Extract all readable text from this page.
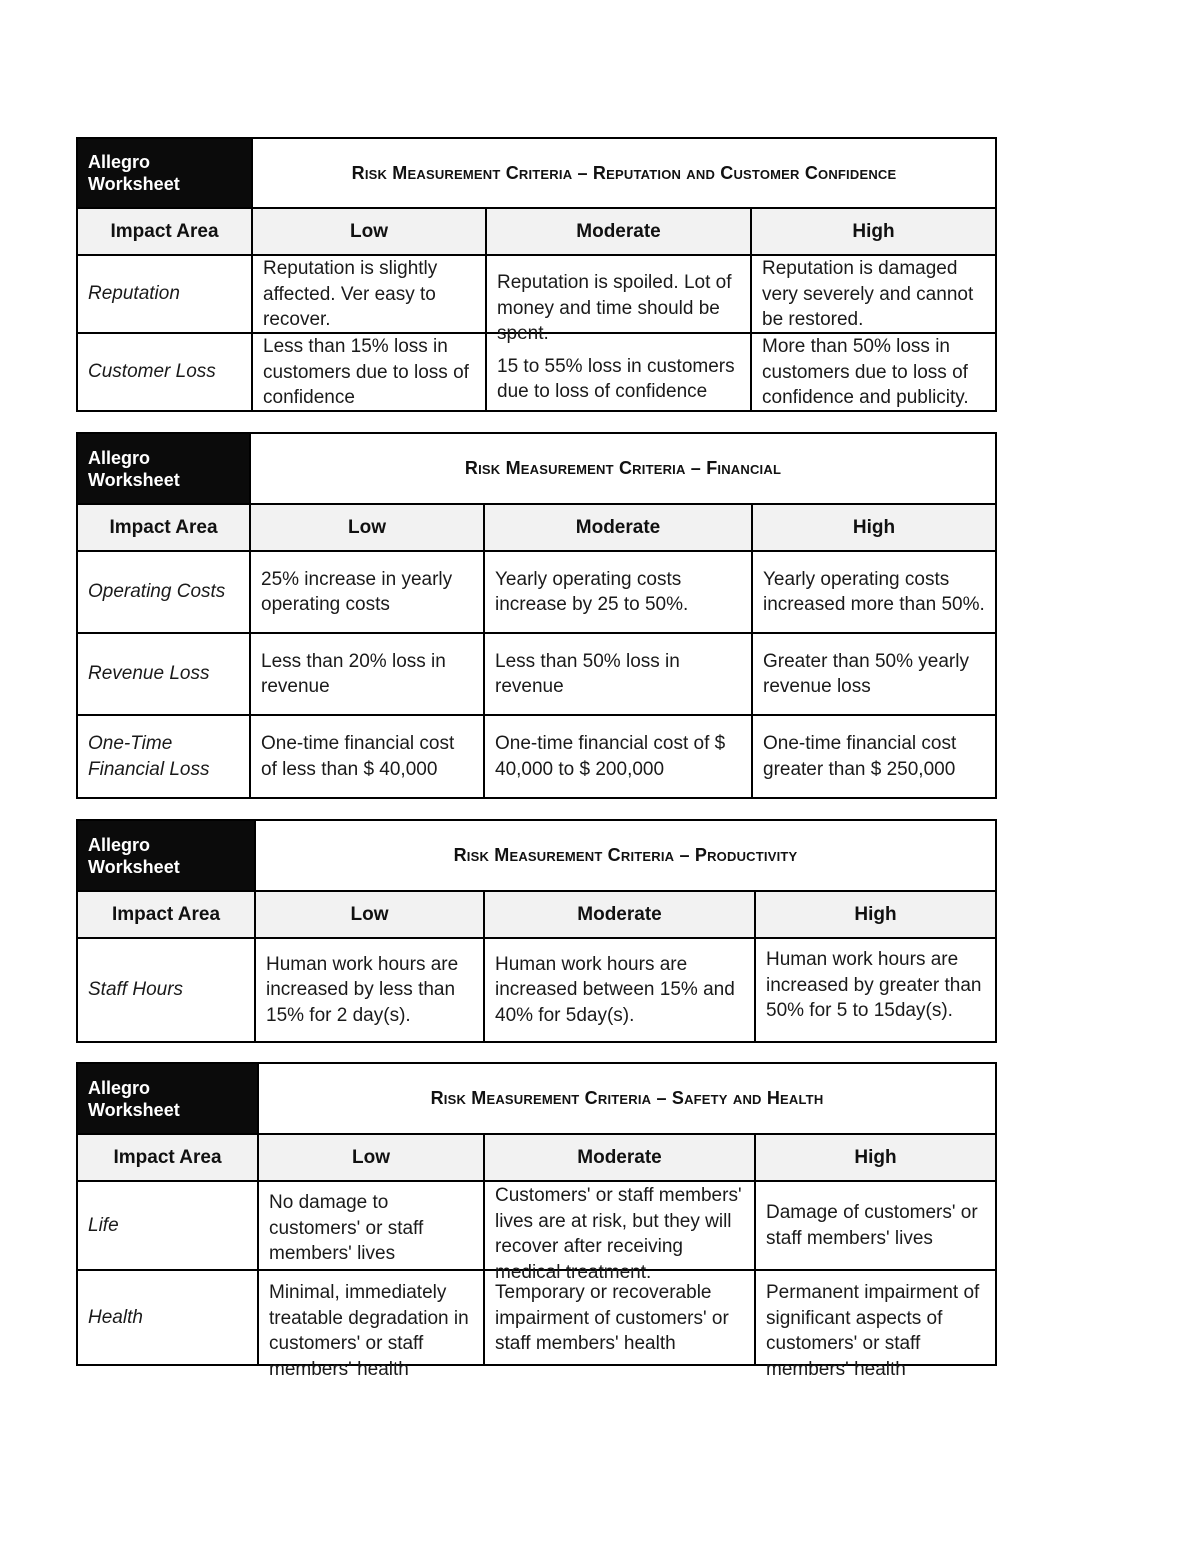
Allegro
Worksheet	Risk Measurement Criteria – Reputation and Customer Confidence		
Impact Area	Low	Moderate	High
Reputation	Reputation is slightly affected. Ver easy to recover.	Reputation is spoiled. Lot of money and time should be spent.	Reputation is damaged very severely and cannot be restored.

Customer Loss	Less than 15% loss in customers due to loss of confidence	15 to 55% loss in customers due to loss of confidence	More than 50% loss in customers due to loss of confidence and publicity.
Allegro
Worksheet	Risk Measurement Criteria – Financial		
Impact Area	Low	Moderate	High
Operating Costs	25% increase in yearly operating costs	Yearly operating costs increase by 25 to 50%.	Yearly operating costs increased more than 50%.
Revenue Loss	Less than 20% loss in revenue	Less than 50% loss in revenue	Greater than 50% yearly revenue loss
One-Time Financial Loss	One-time financial cost of less than $ 40,000	One-time financial cost of $ 40,000 to $ 200,000	One-time financial cost greater than $ 250,000
Allegro
Worksheet	Risk Measurement Criteria – Productivity		
Impact Area	Low	Moderate	High
Staff Hours	Human work hours are increased by less than 15% for 2 day(s).	Human work hours are increased between 15% and 40% for 5day(s).	Human work hours are increased by greater than 50% for 5 to 15day(s).
Allegro
Worksheet	Risk Measurement Criteria – Safety and Health		
Impact Area	Low	Moderate	High
Life	No damage to customers' or staff members' lives	Customers' or staff members' lives are at risk, but they will recover after receiving medical treatment.	Damage of customers' or staff members' lives
Health	Minimal, immediately treatable degradation in customers' or staff members' health	Temporary or recoverable impairment of customers' or staff members' health	Permanent impairment of significant aspects of customers' or staff members' health
